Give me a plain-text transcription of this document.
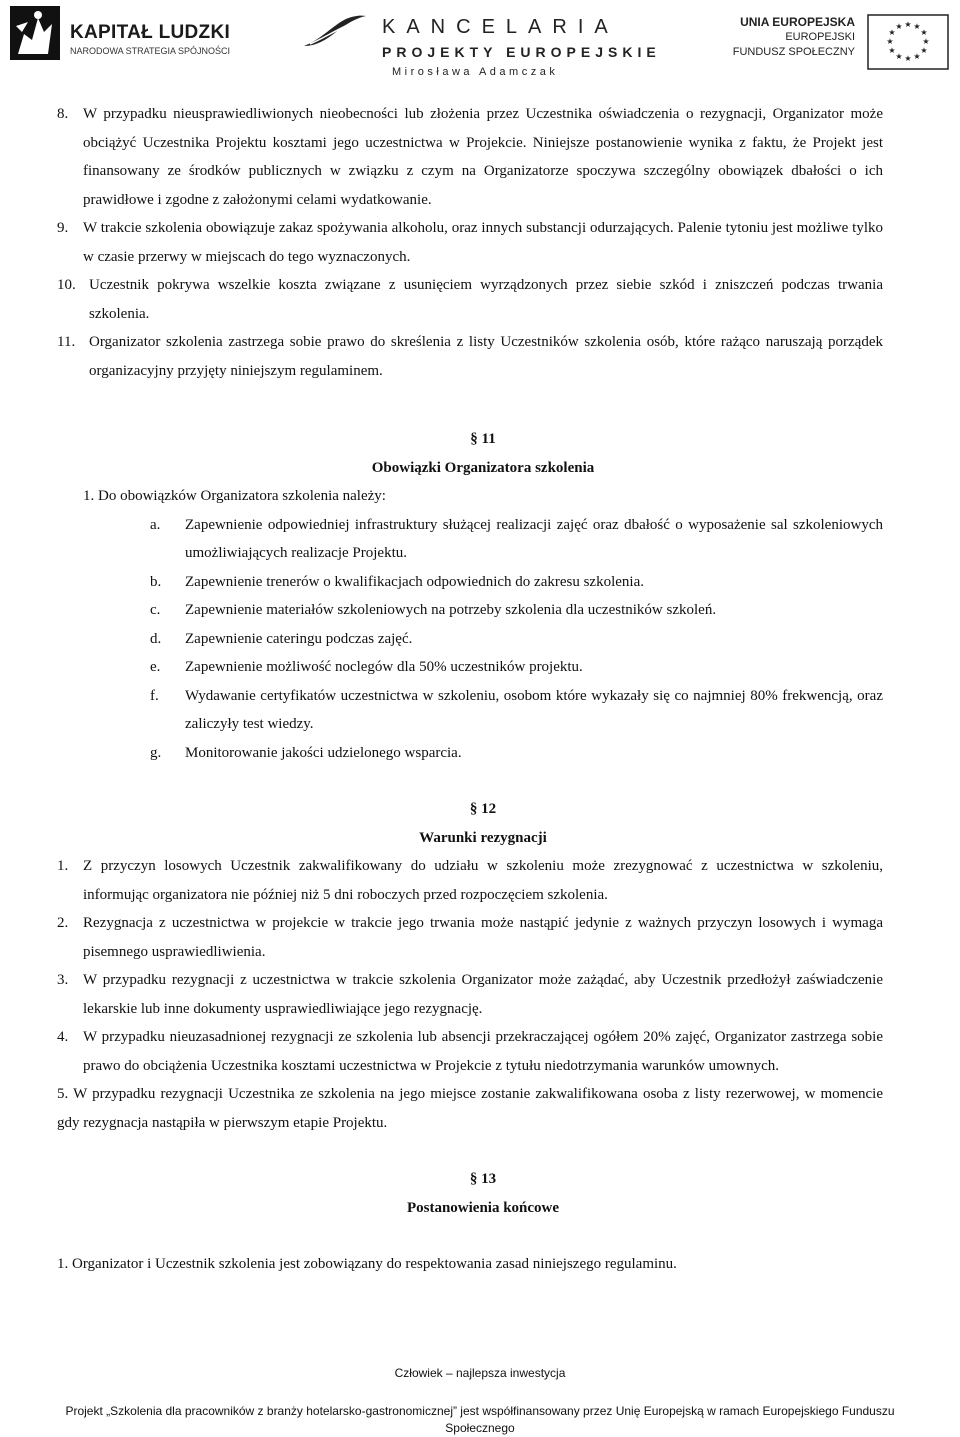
KAPITAŁ LUDZKI
NARODOWA STRATEGIA SPÓJNOŚCI
KANCELARIA
PROJEKTY EUROPEJSKIE
Mirosława Adamczak
UNIA EUROPEJSKA
EUROPEJSKI
FUNDUSZ SPOŁECZNY
★ ★
★
★
★
★
★
★
★
★
★
★

8. W przypadku nieusprawiedliwionych nieobecności lub złożenia przez Uczestnika oświadczenia o rezygnacji, Organizator może obciążyć Uczestnika Projektu kosztami jego uczestnictwa w Projekcie. Niniejsze postanowienie wynika z faktu, że Projekt jest finansowany ze środków publicznych w związku z czym na Organizatorze spoczywa szczególny obowiązek dbałości o ich prawidłowe i zgodne z założonymi celami wydatkowanie.

9. W trakcie szkolenia obowiązuje zakaz spożywania alkoholu, oraz innych substancji odurzających. Palenie tytoniu jest możliwe tylko w czasie przerwy w miejscach do tego wyznaczonych.

10. Uczestnik pokrywa wszelkie koszta związane z usunięciem wyrządzonych przez siebie szkód i zniszczeń podczas trwania szkolenia.

11. Organizator szkolenia zastrzega sobie prawo do skreślenia z listy Uczestników szkolenia osób, które rażąco naruszają porządek organizacyjny przyjęty niniejszym regulaminem.

§ 11

Obowiązki Organizatora szkolenia

1. Do obowiązków Organizatora szkolenia należy:

a. Zapewnienie odpowiedniej infrastruktury służącej realizacji zajęć oraz dbałość o wyposażenie sal szkoleniowych umożliwiających realizacje Projektu.
b. Zapewnienie trenerów o kwalifikacjach odpowiednich do zakresu szkolenia.
c. Zapewnienie materiałów szkoleniowych na potrzeby szkolenia dla uczestników szkoleń.
d. Zapewnienie cateringu podczas zajęć.
e. Zapewnienie możliwość noclegów dla 50% uczestników projektu.
f. Wydawanie certyfikatów uczestnictwa w szkoleniu, osobom które wykazały się co najmniej 80% frekwencją, oraz zaliczyły test wiedzy.
g. Monitorowanie jakości udzielonego wsparcia.

§ 12

Warunki rezygnacji

1. Z przyczyn losowych Uczestnik zakwalifikowany do udziału w szkoleniu może zrezygnować z uczestnictwa w szkoleniu, informując organizatora nie później niż 5 dni roboczych przed rozpoczęciem szkolenia.

2. Rezygnacja z uczestnictwa w projekcie w trakcie jego trwania może nastąpić jedynie z ważnych przyczyn losowych i wymaga pisemnego usprawiedliwienia.

3. W przypadku rezygnacji z uczestnictwa w trakcie szkolenia Organizator może zażądać, aby Uczestnik przedłożył zaświadczenie lekarskie lub inne dokumenty usprawiedliwiające jego rezygnację.

4. W przypadku nieuzasadnionej rezygnacji ze szkolenia lub absencji przekraczającej ogółem 20% zajęć, Organizator zastrzega sobie prawo do obciążenia Uczestnika kosztami uczestnictwa w Projekcie z tytułu niedotrzymania warunków umownych.

5. W przypadku rezygnacji Uczestnika ze szkolenia na jego miejsce zostanie zakwalifikowana osoba z listy rezerwowej, w momencie gdy rezygnacja nastąpiła w pierwszym etapie Projektu.

§ 13

Postanowienia końcowe

1. Organizator i Uczestnik szkolenia jest zobowiązany do respektowania zasad niniejszego regulaminu.

Człowiek – najlepsza inwestycja
Projekt „Szkolenia dla pracowników z branży hotelarsko-gastronomicznej” jest współfinansowany przez Unię Europejską w ramach Europejskiego Funduszu
Społecznego
